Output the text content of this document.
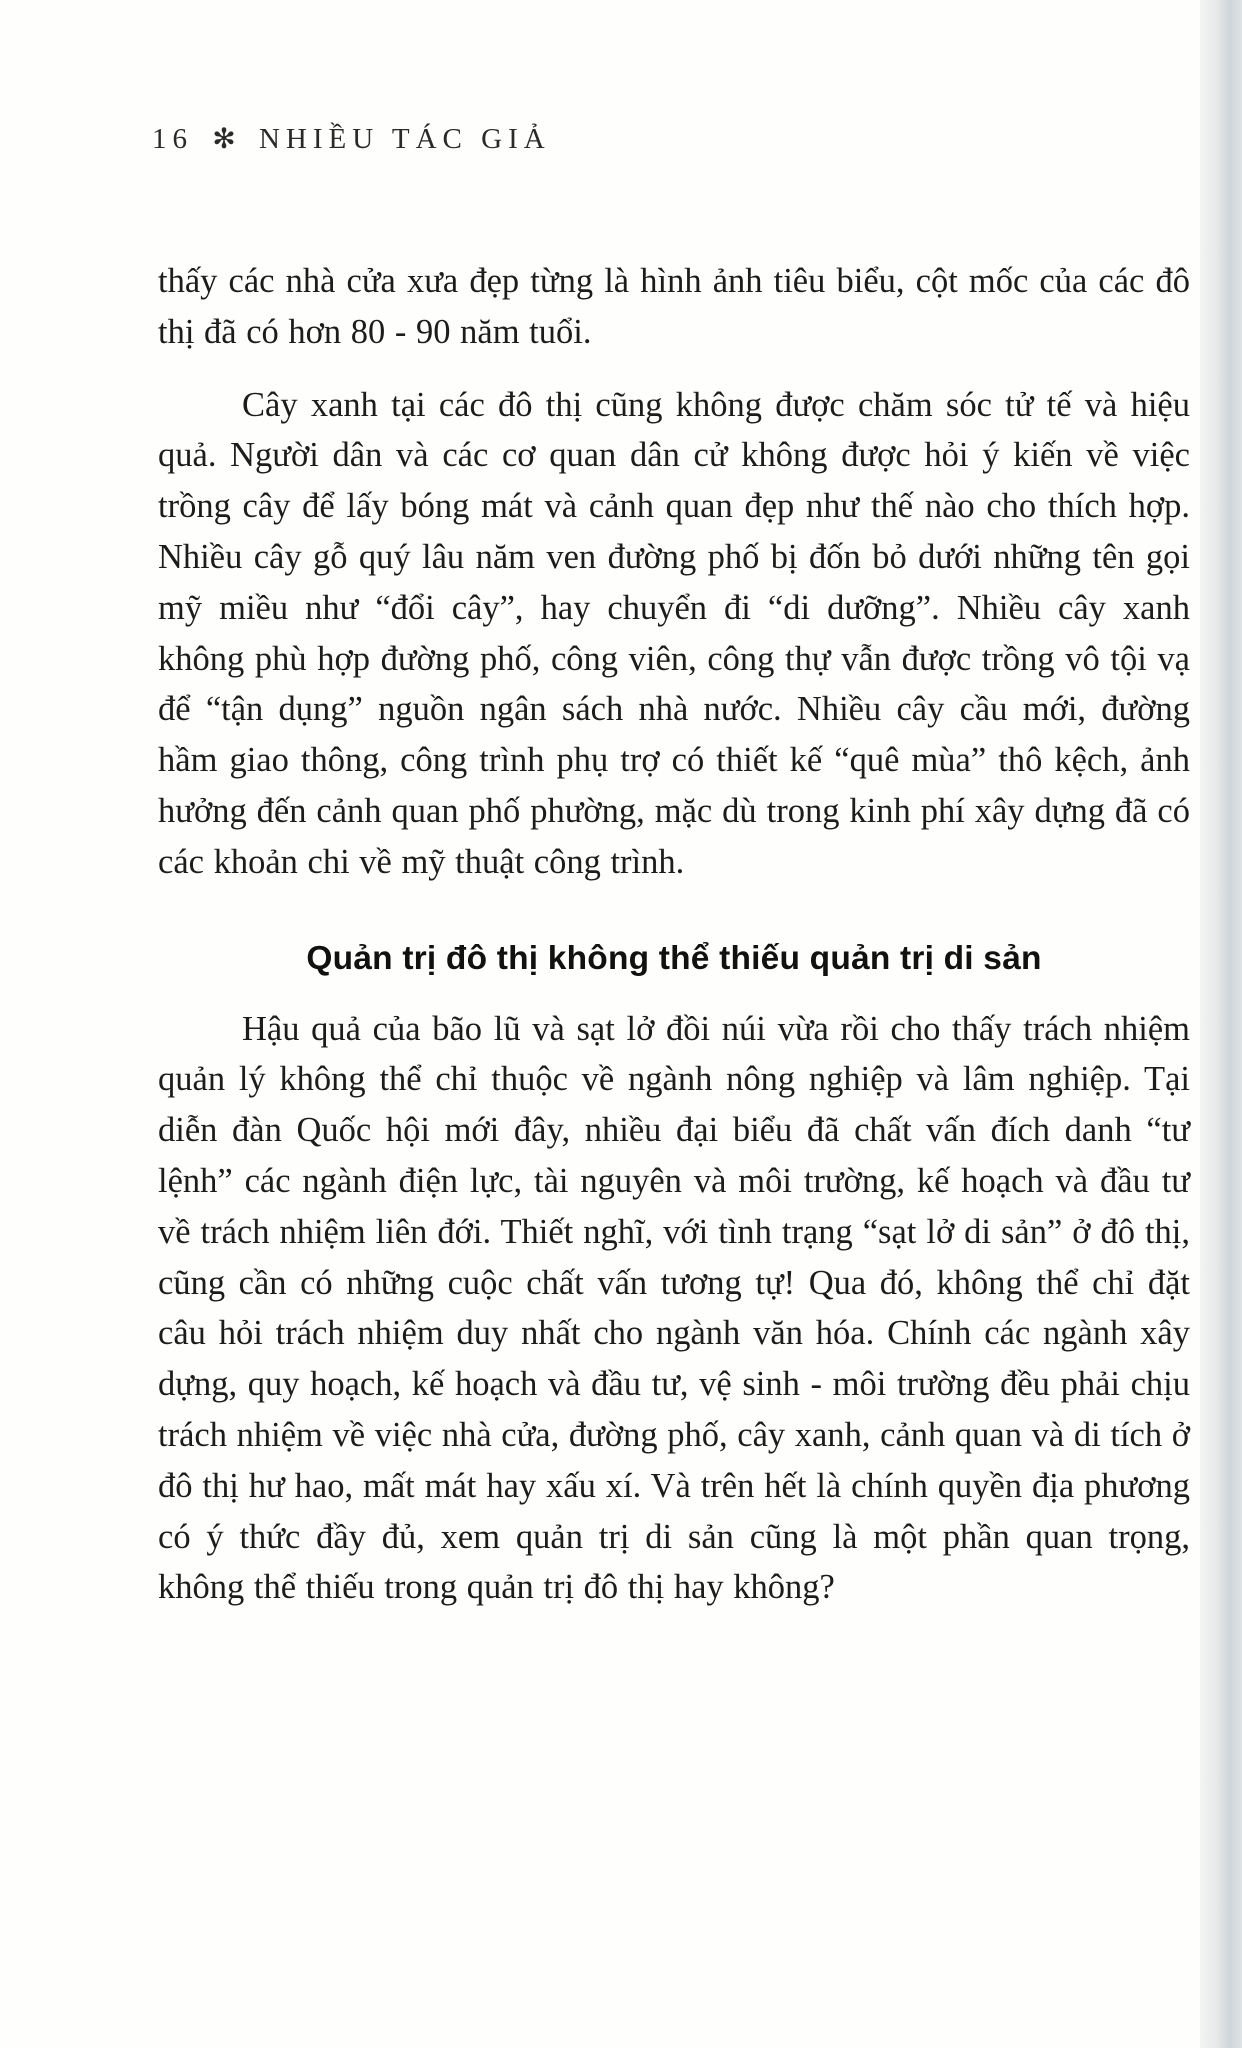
16 ✻ NHIỀU TÁC GIẢ

thấy các nhà cửa xưa đẹp từng là hình ảnh tiêu biểu, cột mốc của các đô thị đã có hơn 80 - 90 năm tuổi.

Cây xanh tại các đô thị cũng không được chăm sóc tử tế và hiệu quả. Người dân và các cơ quan dân cử không được hỏi ý kiến về việc trồng cây để lấy bóng mát và cảnh quan đẹp như thế nào cho thích hợp. Nhiều cây gỗ quý lâu năm ven đường phố bị đốn bỏ dưới những tên gọi mỹ miều như “đổi cây”, hay chuyển đi “di dưỡng”. Nhiều cây xanh không phù hợp đường phố, công viên, công thự vẫn được trồng vô tội vạ để “tận dụng” nguồn ngân sách nhà nước. Nhiều cây cầu mới, đường hầm giao thông, công trình phụ trợ có thiết kế “quê mùa” thô kệch, ảnh hưởng đến cảnh quan phố phường, mặc dù trong kinh phí xây dựng đã có các khoản chi về mỹ thuật công trình.

Quản trị đô thị không thể thiếu quản trị di sản

Hậu quả của bão lũ và sạt lở đồi núi vừa rồi cho thấy trách nhiệm quản lý không thể chỉ thuộc về ngành nông nghiệp và lâm nghiệp. Tại diễn đàn Quốc hội mới đây, nhiều đại biểu đã chất vấn đích danh “tư lệnh” các ngành điện lực, tài nguyên và môi trường, kế hoạch và đầu tư về trách nhiệm liên đới. Thiết nghĩ, với tình trạng “sạt lở di sản” ở đô thị, cũng cần có những cuộc chất vấn tương tự! Qua đó, không thể chỉ đặt câu hỏi trách nhiệm duy nhất cho ngành văn hóa. Chính các ngành xây dựng, quy hoạch, kế hoạch và đầu tư, vệ sinh - môi trường đều phải chịu trách nhiệm về việc nhà cửa, đường phố, cây xanh, cảnh quan và di tích ở đô thị hư hao, mất mát hay xấu xí. Và trên hết là chính quyền địa phương có ý thức đầy đủ, xem quản trị di sản cũng là một phần quan trọng, không thể thiếu trong quản trị đô thị hay không?
